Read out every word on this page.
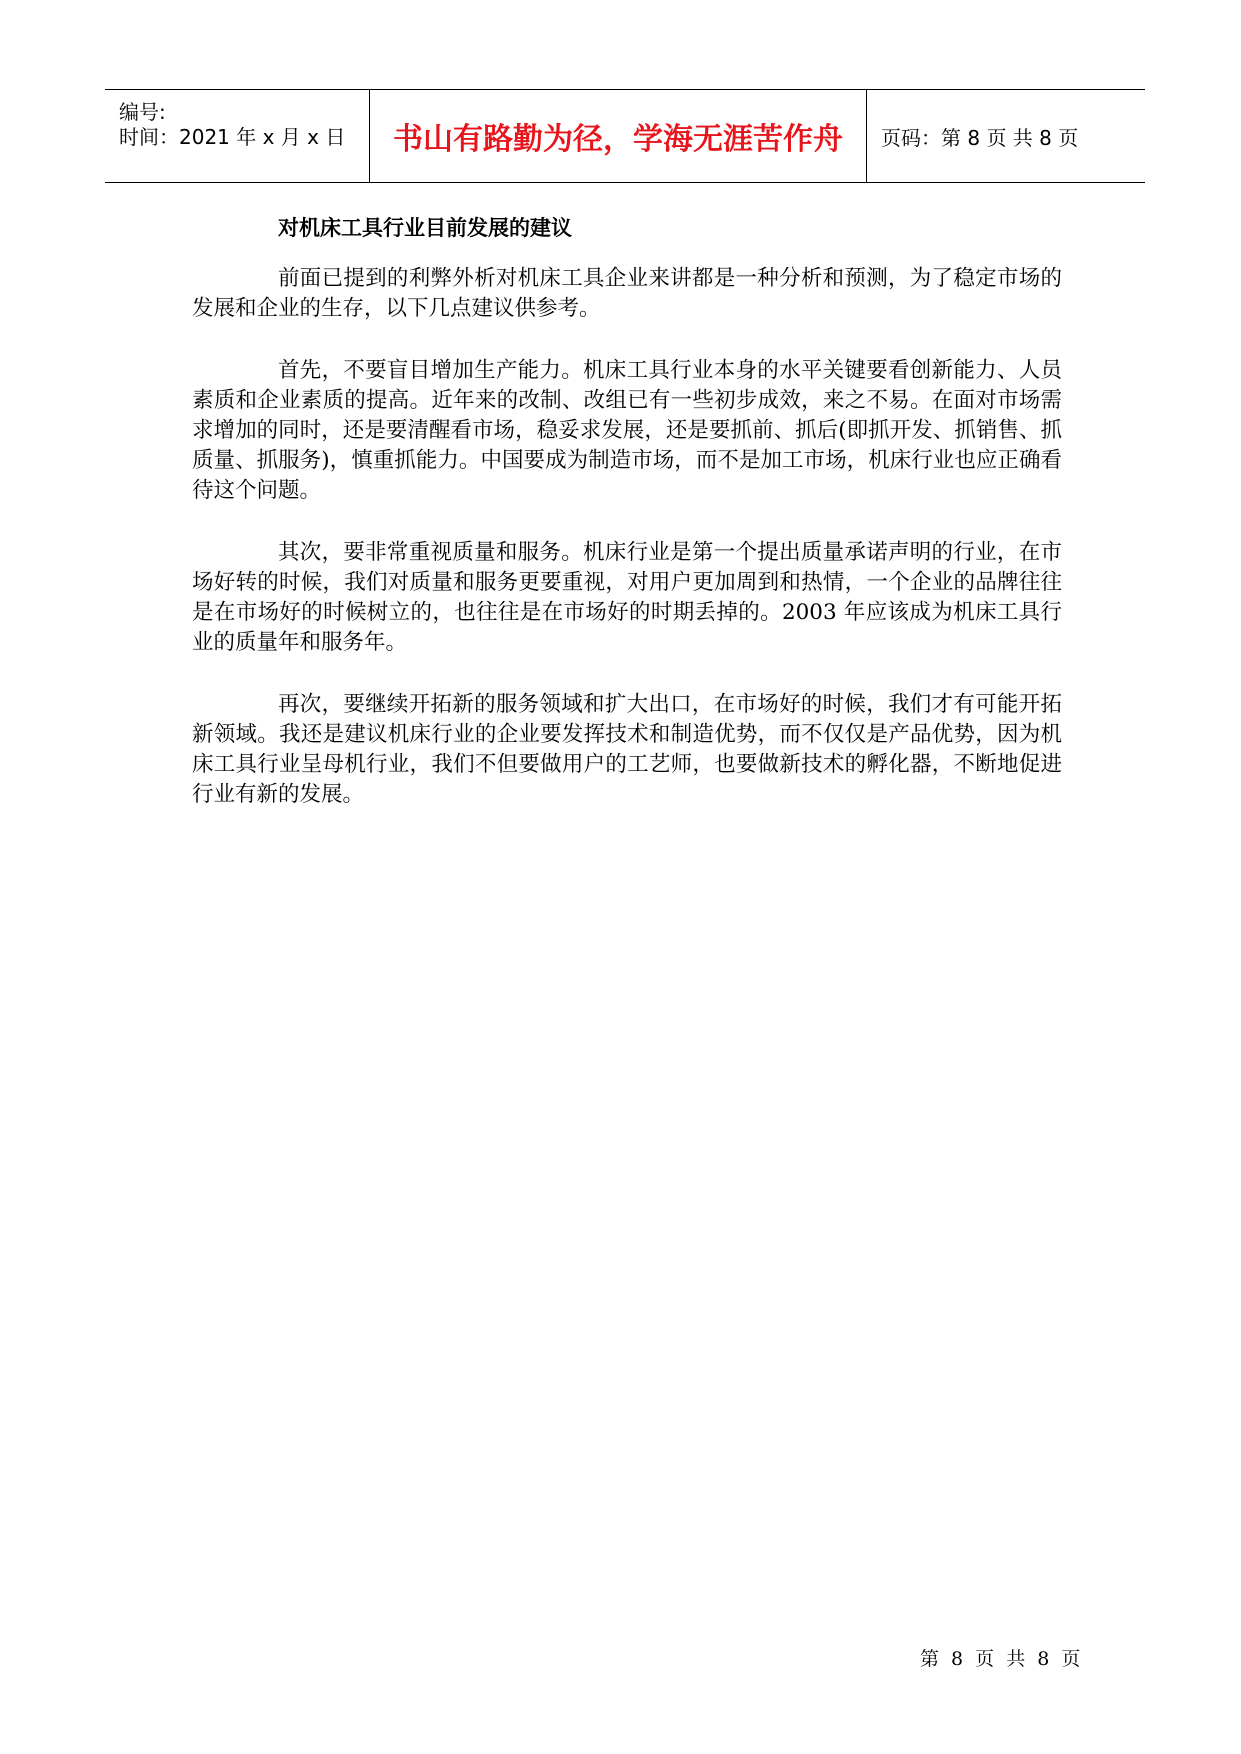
编号:
时间：2021 年 x 月 x 日 书山有路勤为径，学海无涯苦作舟 页码：第 8 页 共 8 页
对机床工具行业目前发展的建议

前面已提到的利弊外析对机床工具企业来讲都是一种分析和预测，为了稳定市场的发展和企业的生存，以下几点建议供参考。

首先，不要盲目增加生产能力。机床工具行业本身的水平关键要看创新能力、人员素质和企业素质的提高。近年来的改制、改组已有一些初步成效，来之不易。在面对市场需求增加的同时，还是要清醒看市场，稳妥求发展，还是要抓前、抓后(即抓开发、抓销售、抓质量、抓服务)，慎重抓能力。中国要成为制造市场，而不是加工市场，机床行业也应正确看待这个问题。

其次，要非常重视质量和服务。机床行业是第一个提出质量承诺声明的行业，在市场好转的时候，我们对质量和服务更要重视，对用户更加周到和热情，一个企业的品牌往往是在市场好的时候树立的，也往往是在市场好的时期丢掉的。2003 年应该成为机床工具行业的质量年和服务年。

再次，要继续开拓新的服务领域和扩大出口，在市场好的时候，我们才有可能开拓新领域。我还是建议机床行业的企业要发挥技术和制造优势，而不仅仅是产品优势，因为机床工具行业呈母机行业，我们不但要做用户的工艺师，也要做新技术的孵化器，不断地促进行业有新的发展。

第 8 页 共 8 页
